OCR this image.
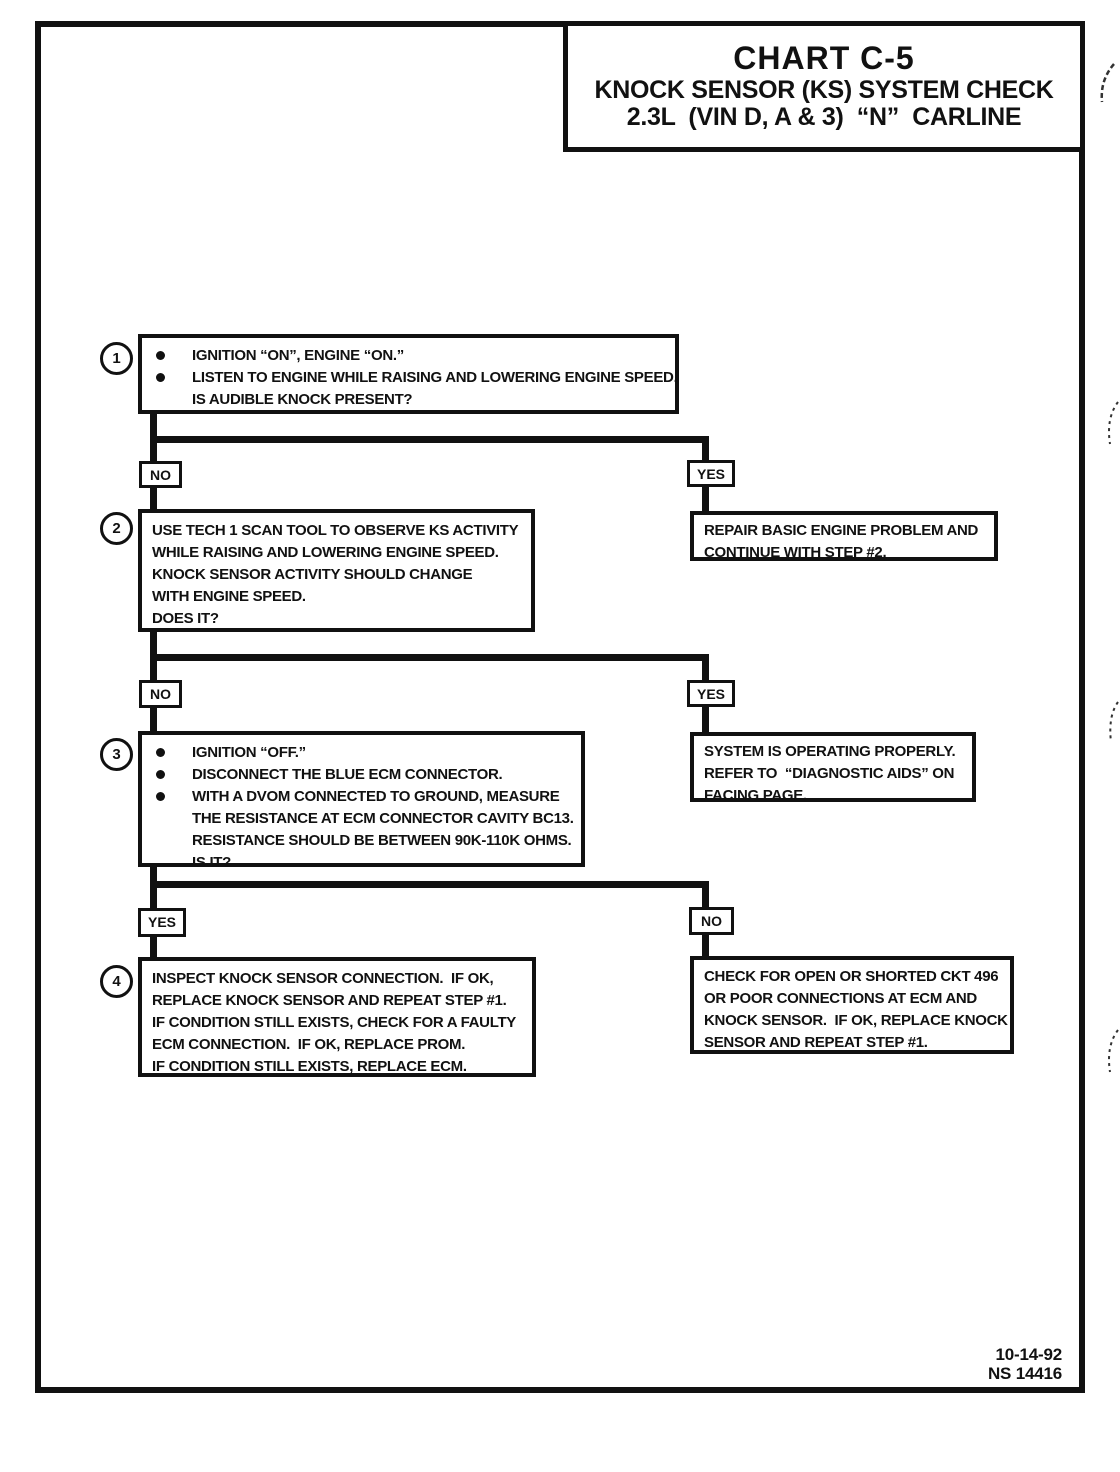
CHART C-5
KNOCK SENSOR (KS) SYSTEM CHECK
2.3L  (VIN D, A & 3)  “N”  CARLINE
1
2
3
4
IGNITION “ON”, ENGINE “ON.”
LISTEN TO ENGINE WHILE RAISING AND LOWERING ENGINE SPEED.
IS AUDIBLE KNOCK PRESENT?
NO	YES
USE TECH 1 SCAN TOOL TO OBSERVE KS ACTIVITY
WHILE RAISING AND LOWERING ENGINE SPEED.
KNOCK SENSOR ACTIVITY SHOULD CHANGE
WITH ENGINE SPEED.
DOES IT?
REPAIR BASIC ENGINE PROBLEM AND
CONTINUE WITH STEP #2.
NO	YES
IGNITION “OFF.”
DISCONNECT THE BLUE ECM CONNECTOR.
WITH A DVOM CONNECTED TO GROUND, MEASURE
THE RESISTANCE AT ECM CONNECTOR CAVITY BC13.
RESISTANCE SHOULD BE BETWEEN 90K-110K OHMS.
IS IT?
SYSTEM IS OPERATING PROPERLY.
REFER TO  “DIAGNOSTIC AIDS” ON
FACING PAGE.
YES	NO
INSPECT KNOCK SENSOR CONNECTION.  IF OK,
REPLACE KNOCK SENSOR AND REPEAT STEP #1.
IF CONDITION STILL EXISTS, CHECK FOR A FAULTY
ECM CONNECTION.  IF OK, REPLACE PROM.
IF CONDITION STILL EXISTS, REPLACE ECM.
CHECK FOR OPEN OR SHORTED CKT 496
OR POOR CONNECTIONS AT ECM AND
KNOCK SENSOR.  IF OK, REPLACE KNOCK
SENSOR AND REPEAT STEP #1.
10-14-92
NS 14416
